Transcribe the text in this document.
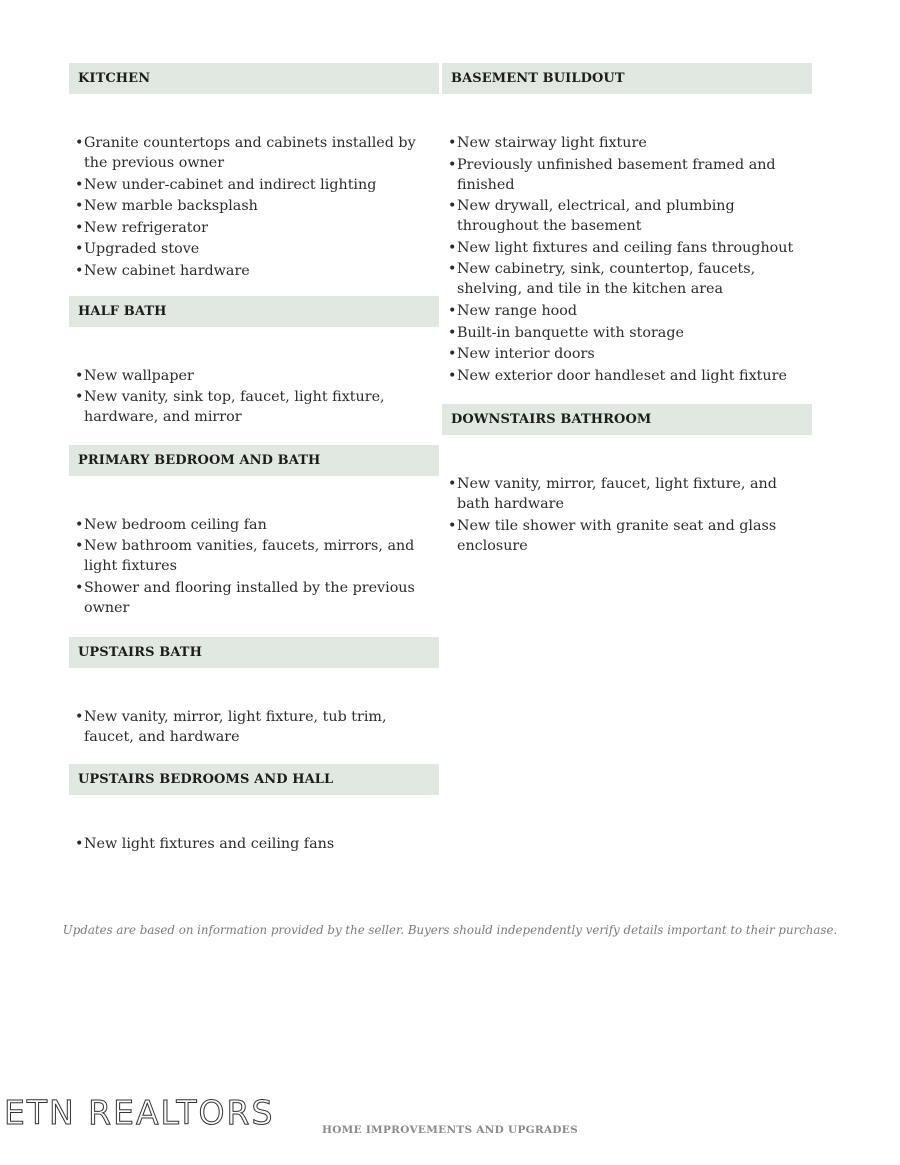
KITCHEN
• Granite countertops and cabinets installed by the previous owner
• New under-cabinet and indirect lighting
• New marble backsplash
• New refrigerator
• Upgraded stove
• New cabinet hardware
HALF BATH
• New wallpaper
• New vanity, sink top, faucet, light fixture, hardware, and mirror
PRIMARY BEDROOM AND BATH
• New bedroom ceiling fan
• New bathroom vanities, faucets, mirrors, and light fixtures
• Shower and flooring installed by the previous owner
UPSTAIRS BATH
• New vanity, mirror, light fixture, tub trim, faucet, and hardware
UPSTAIRS BEDROOMS AND HALL
• New light fixtures and ceiling fans
BASEMENT BUILDOUT
• New stairway light fixture
• Previously unfinished basement framed and finished
• New drywall, electrical, and plumbing throughout the basement
• New light fixtures and ceiling fans throughout
• New cabinetry, sink, countertop, faucets, shelving, and tile in the kitchen area
• New range hood
• Built-in banquette with storage
• New interior doors
• New exterior door handleset and light fixture
DOWNSTAIRS BATHROOM
• New vanity, mirror, faucet, light fixture, and bath hardware
• New tile shower with granite seat and glass enclosure
Updates are based on information provided by the seller. Buyers should independently verify details important to their purchase.
ETN REALTORS	HOME IMPROVEMENTS AND UPGRADES
